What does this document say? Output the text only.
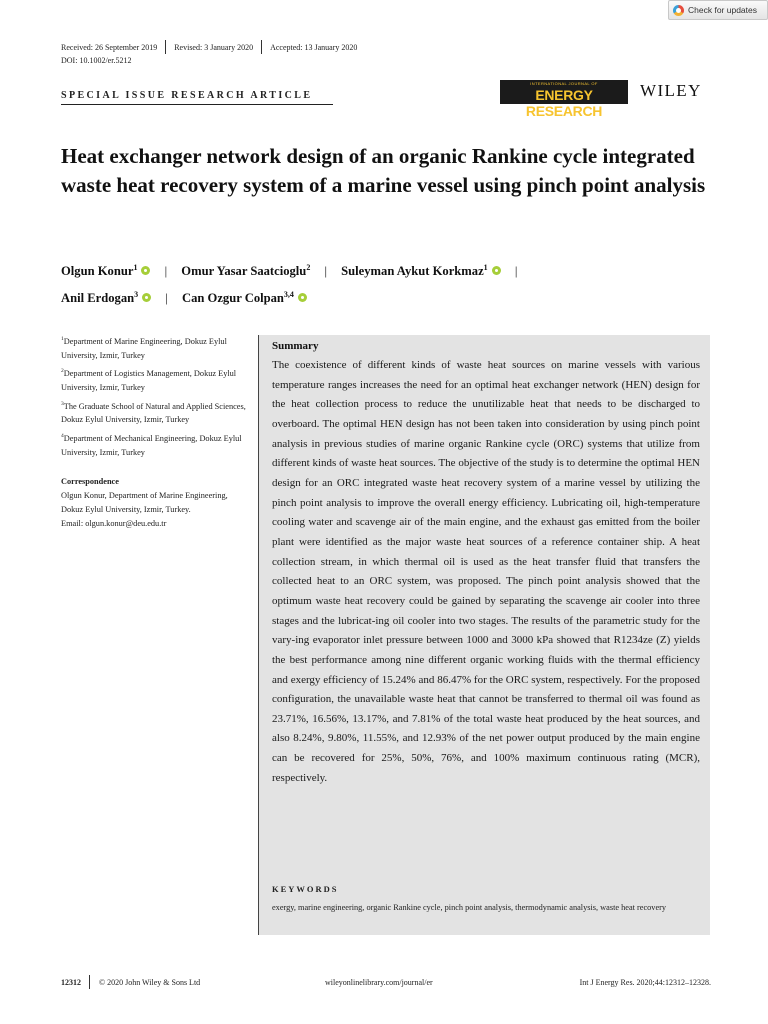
Check for updates
Received: 26 September 2019 Revised: 3 January 2020 Accepted: 13 January 2020
DOI: 10.1002/er.5212
SPECIAL ISSUE RESEARCH ARTICLE
INTERNATIONAL JOURNAL OF
ENERGY RESEARCH
WILEY
Heat exchanger network design of an organic Rankine cycle integrated waste heat recovery system of a marine vessel using pinch point analysis
Olgun Konur$^1$ | Omur Yasar Saatcioglu$^2$ | Suleyman Aykut Korkmaz$^1$ |
Anil Erdogan$^3$ | Can Ozgur Colpan$^{3,4}$
$^1$Department of Marine Engineering, Dokuz Eylul University, Izmir, Turkey
$^2$Department of Logistics Management, Dokuz Eylul University, Izmir, Turkey
$^3$The Graduate School of Natural and Applied Sciences, Dokuz Eylul University, Izmir, Turkey
$^4$Department of Mechanical Engineering, Dokuz Eylul University, Izmir, Turkey
Correspondence
Olgun Konur, Department of Marine Engineering, Dokuz Eylul University, Izmir, Turkey.
Email: olgun.konur@deu.edu.tr
Summary
The coexistence of different kinds of waste heat sources on marine vessels with various temperature ranges increases the need for an optimal heat exchanger network (HEN) design for the heat collection process to reduce the unutilizable heat that needs to be discharged to overboard. The optimal HEN design has not been taken into consideration by using pinch point analysis in previous studies of marine organic Rankine cycle (ORC) systems that utilize from different kinds of waste heat sources. The objective of the study is to determine the optimal HEN design for an ORC integrated waste heat recovery system of a marine vessel by utilizing the pinch point analysis to improve the overall energy efficiency. Lubricating oil, high-temperature cooling water and scavenge air of the main engine, and the exhaust gas emitted from the boiler plant were identified as the major waste heat sources of a reference container ship. A heat collection stream, in which thermal oil is used as the heat transfer fluid that transfers the collected heat to an ORC system, was proposed. The pinch point analysis showed that the optimum waste heat recovery could be gained by separating the scavenge air cooler into three stages and the lubricat-ing oil cooler into two stages. The results of the parametric study for the vary-ing evaporator inlet pressure between 1000 and 3000 kPa showed that R1234ze (Z) yields the best performance among nine different organic working fluids with the thermal efficiency and exergy efficiency of 15.24% and 86.47% for the ORC system, respectively. For the proposed configuration, the unavailable waste heat that cannot be transferred to thermal oil was found as 23.71%, 16.56%, 13.17%, and 7.81% of the total waste heat produced by the heat sources, and also 8.24%, 9.80%, 11.55%, and 12.93% of the net power output produced by the main engine can be recovered for 25%, 50%, 76%, and 100% maximum continuous rating (MCR), respectively.
KEYWORDS
exergy, marine engineering, organic Rankine cycle, pinch point analysis, thermodynamic analysis, waste heat recovery
12312 © 2020 John Wiley & Sons Ltd	wileyonlinelibrary.com/journal/er	Int J Energy Res. 2020;44:12312–12328.
